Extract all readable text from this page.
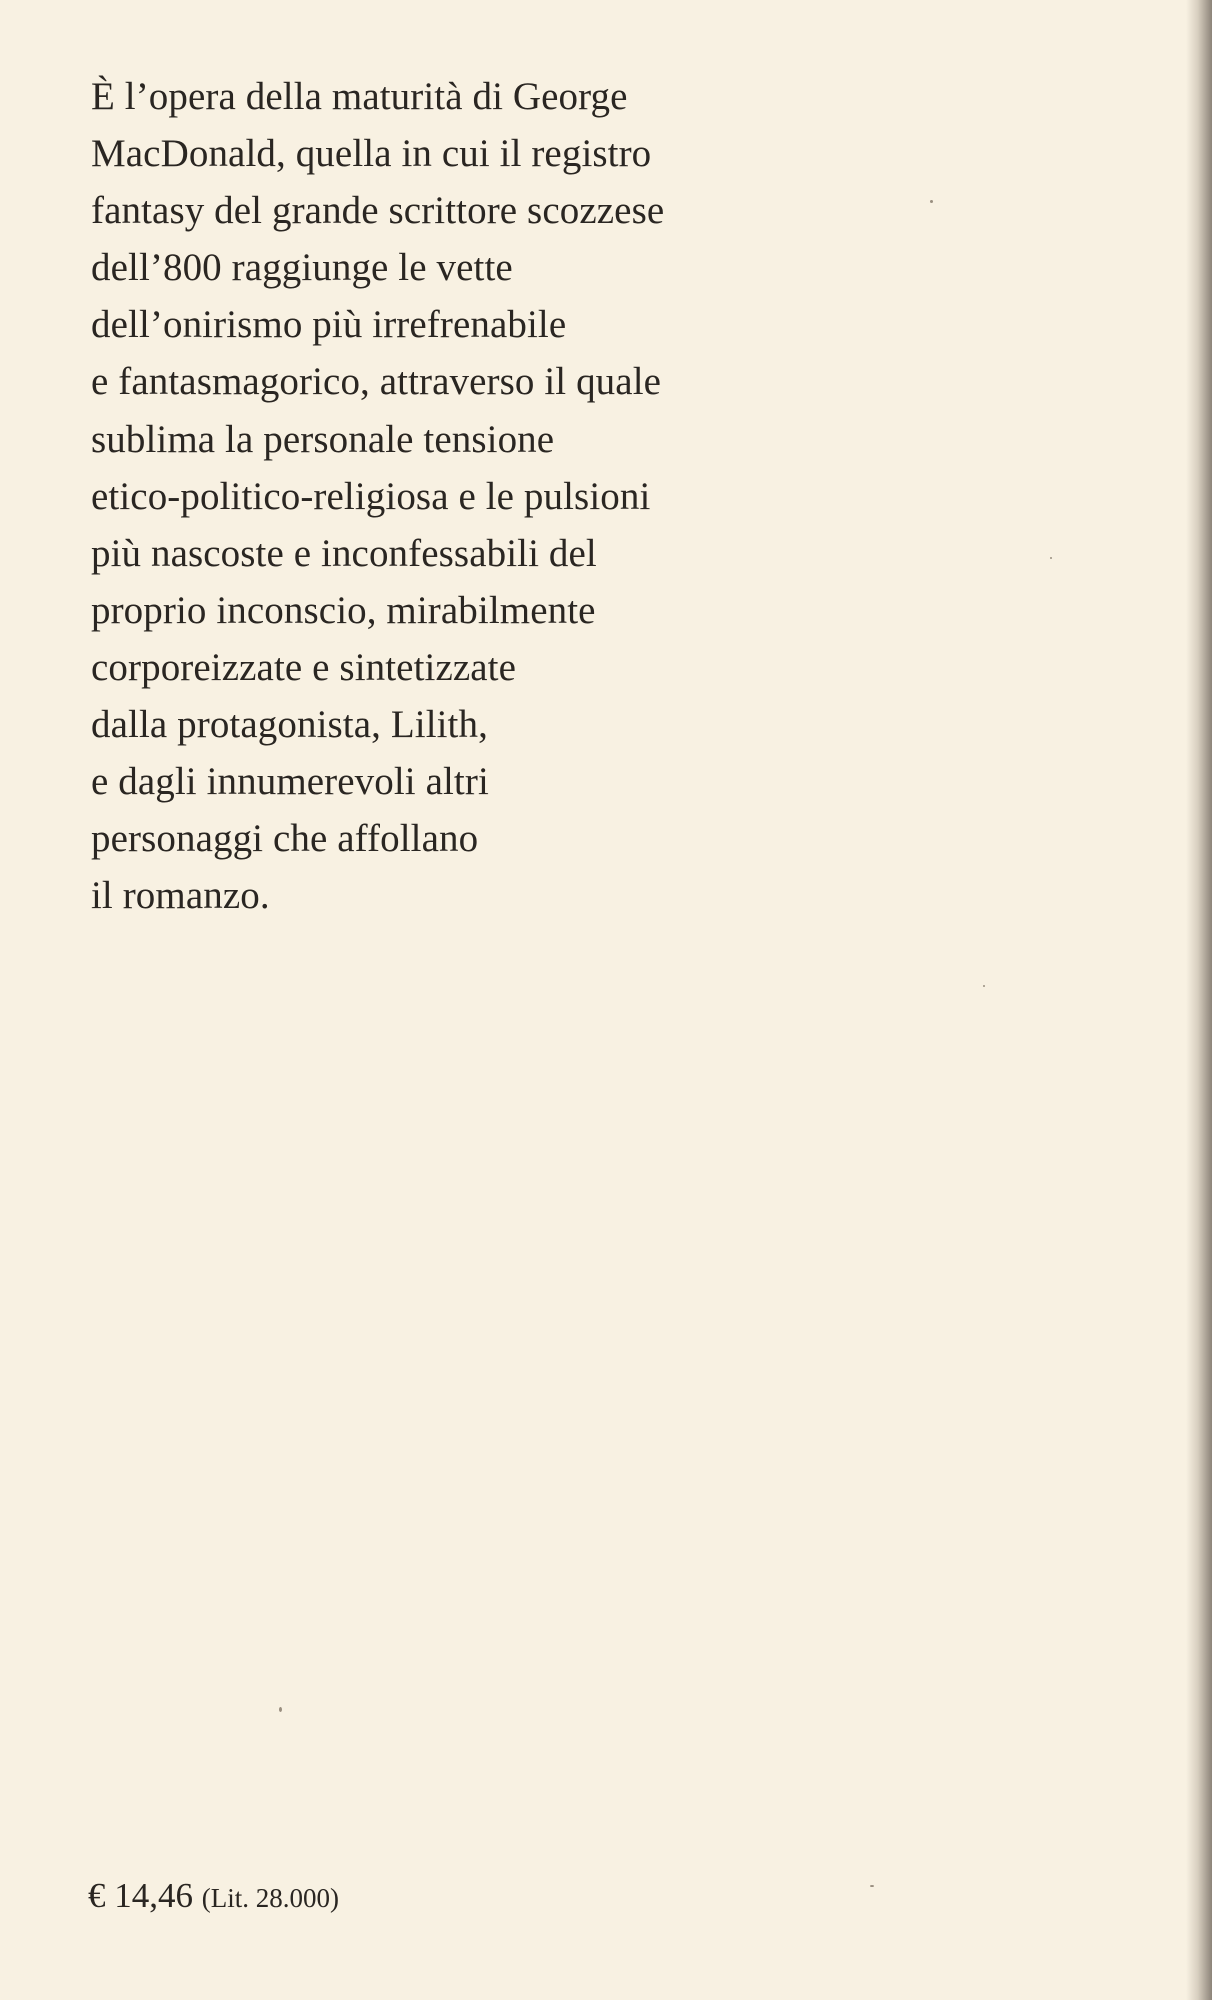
È l’opera della maturità di George
MacDonald, quella in cui il registro
fantasy del grande scrittore scozzese
dell’800 raggiunge le vette
dell’onirismo più irrefrenabile
e fantasmagorico, attraverso il quale
sublima la personale tensione
etico-politico-religiosa e le pulsioni
più nascoste e inconfessabili del
proprio inconscio, mirabilmente
corporeizzate e sintetizzate
dalla protagonista, Lilith,
e dagli innumerevoli altri
personaggi che affollano
il romanzo.

€ 14,46 (Lit. 28.000)
